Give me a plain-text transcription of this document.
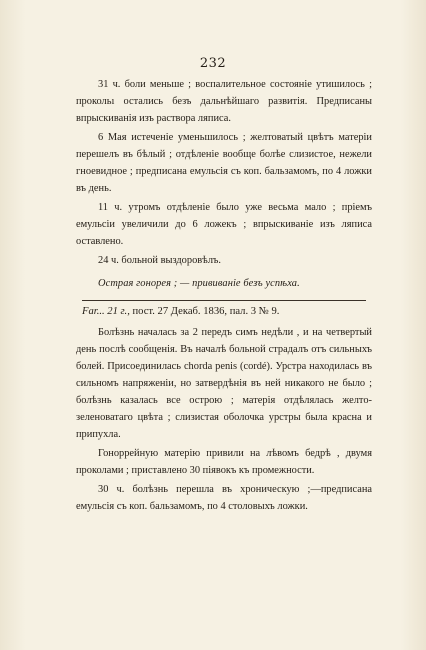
232

31 ч. боли меньше ; воспалительное состояніе утишилось ; прокольı остались безъ дальнѣйшаго развитія. Предписаны впрыскиванія изъ раствора ляписа.

6 Мая истеченіе уменьшилось ; желтоватый цвѣтъ матеріи перешелъ въ бѣлый ; отдѣленіе вообще болѣе слизистое, нежели гноевидное ; предписана емульсія съ коп. бальзамомъ, по 4 ложки въ день.

11 ч. утромъ отдѣленіе было уже весьма мало ; пріемъ емульсіи увеличили до 6 ложекъ ; впрыскиваніе изъ ляписа оставлено.

24 ч. больной выздоровѣлъ.

Острая гонорея ; — прививаніе безъ успѣха.

Far... 21 г., пост. 27 Декаб. 1836, пал. 3 № 9.

Болѣзнь началась за 2 передъ симъ недѣли , и на четвертый день послѣ сообщенія. Въ началѣ больной страдалъ отъ сильныхъ болей. Присоединилась chorda penis (cordé). Урстра находилась въ сильномъ напряженіи, но затвердѣнія въ ней никакого не было ; болѣзнь казалась все острою ; матерія отдѣлялась желто-зеленоватаго цвѣта ; слизистая оболочка урстры была красна и припухла.

Гоноррейную матерію привили на лѣвомъ бедрѣ , двумя проколами ; приставлено 30 піявокъ къ промежности.

30 ч. болѣзнь перешла въ хроническую ;—предписана емульсія съ коп. бальзамомъ, по 4 столовыхъ ложки.
